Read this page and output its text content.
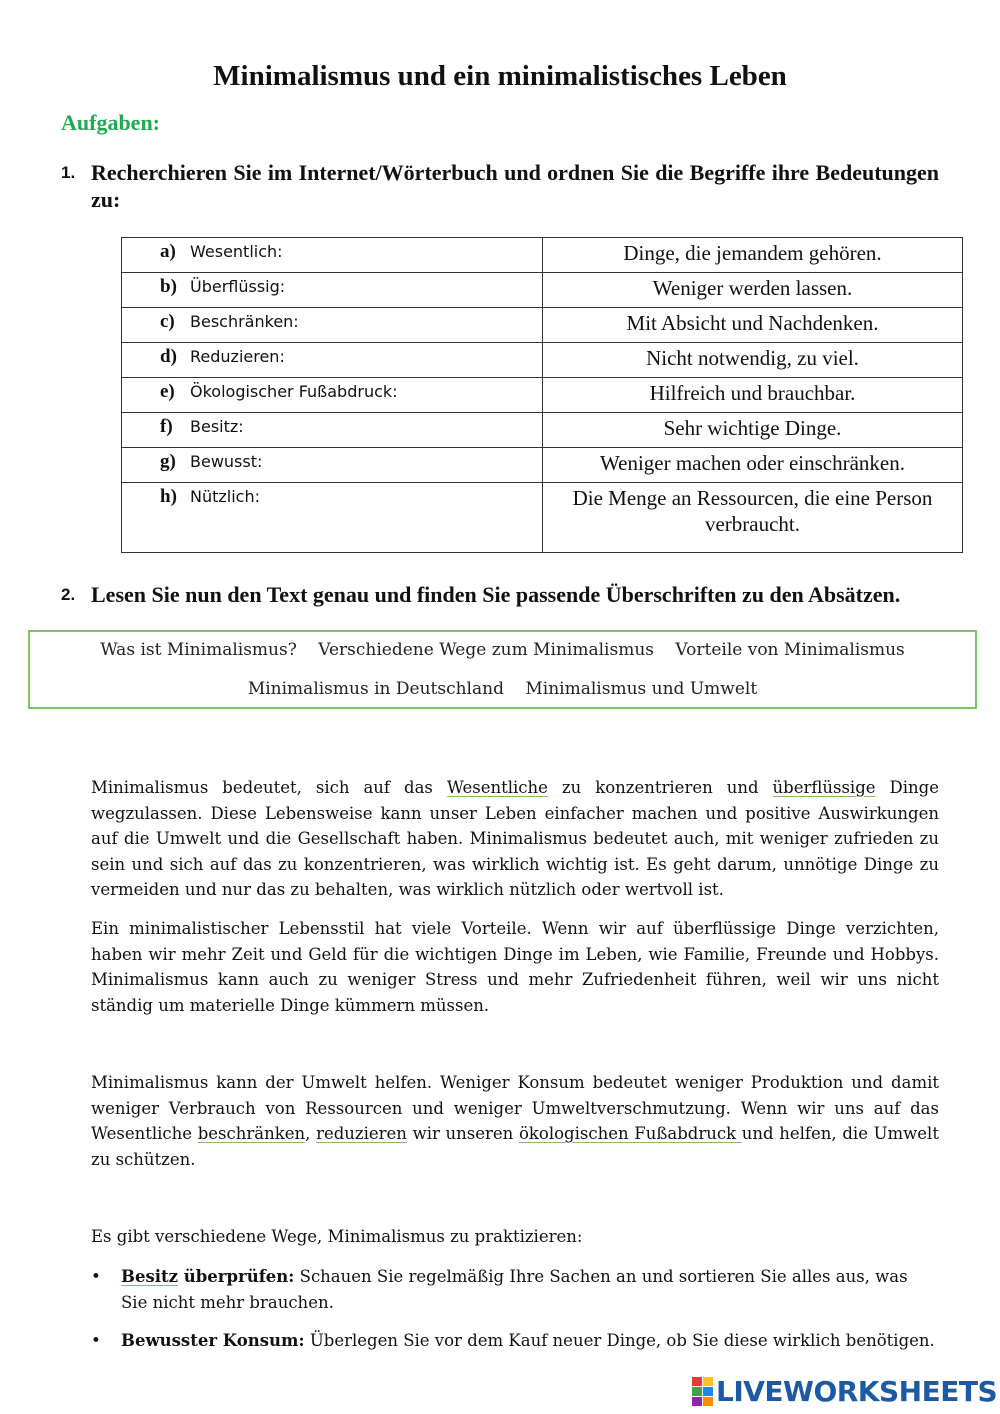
Minimalismus und ein minimalistisches Leben
Aufgaben:
1. Recherchieren Sie im Internet/Wörterbuch und ordnen Sie die Begriffe ihre Bedeutungen zu:
a) Wesentlich:	Dinge, die jemandem gehören.

b) Überflüssig:	Weniger werden lassen.

c) Beschränken:	Mit Absicht und Nachdenken.

d) Reduzieren:	Nicht notwendig, zu viel.

e) Ökologischer Fußabdruck:	Hilfreich und brauchbar.

f) Besitz:	Sehr wichtige Dinge.

g) Bewusst:	Weniger machen oder einschränken.

h) Nützlich:	Die Menge an Ressourcen, die eine Person verbraucht.
2. Lesen Sie nun den Text genau und finden Sie passende Überschriften zu den Absätzen.
Was ist Minimalismus? Verschiedene Wege zum Minimalismus Vorteile von Minimalismus
Minimalismus in Deutschland Minimalismus und Umwelt
Minimalismus bedeutet, sich auf das Wesentliche zu konzentrieren und überflüssige Dinge wegzulassen. Diese Lebensweise kann unser Leben einfacher machen und positive Auswirkungen auf die Umwelt und die Gesellschaft haben. Minimalismus bedeutet auch, mit weniger zufrieden zu sein und sich auf das zu konzentrieren, was wirklich wichtig ist. Es geht darum, unnötige Dinge zu vermeiden und nur das zu behalten, was wirklich nützlich oder wertvoll ist.
Ein minimalistischer Lebensstil hat viele Vorteile. Wenn wir auf überflüssige Dinge verzichten, haben wir mehr Zeit und Geld für die wichtigen Dinge im Leben, wie Familie, Freunde und Hobbys. Minimalismus kann auch zu weniger Stress und mehr Zufriedenheit führen, weil wir uns nicht ständig um materielle Dinge kümmern müssen.
Minimalismus kann der Umwelt helfen. Weniger Konsum bedeutet weniger Produktion und damit weniger Verbrauch von Ressourcen und weniger Umweltverschmutzung. Wenn wir uns auf das Wesentliche beschränken, reduzieren wir unseren ökologischen Fußabdruck und helfen, die Umwelt zu schützen.
Es gibt verschiedene Wege, Minimalismus zu praktizieren:
• Besitz überprüfen: Schauen Sie regelmäßig Ihre Sachen an und sortieren Sie alles aus, was Sie nicht mehr brauchen.
• Bewusster Konsum: Überlegen Sie vor dem Kauf neuer Dinge, ob Sie diese wirklich benötigen.
LIVEWORKSHEETS
